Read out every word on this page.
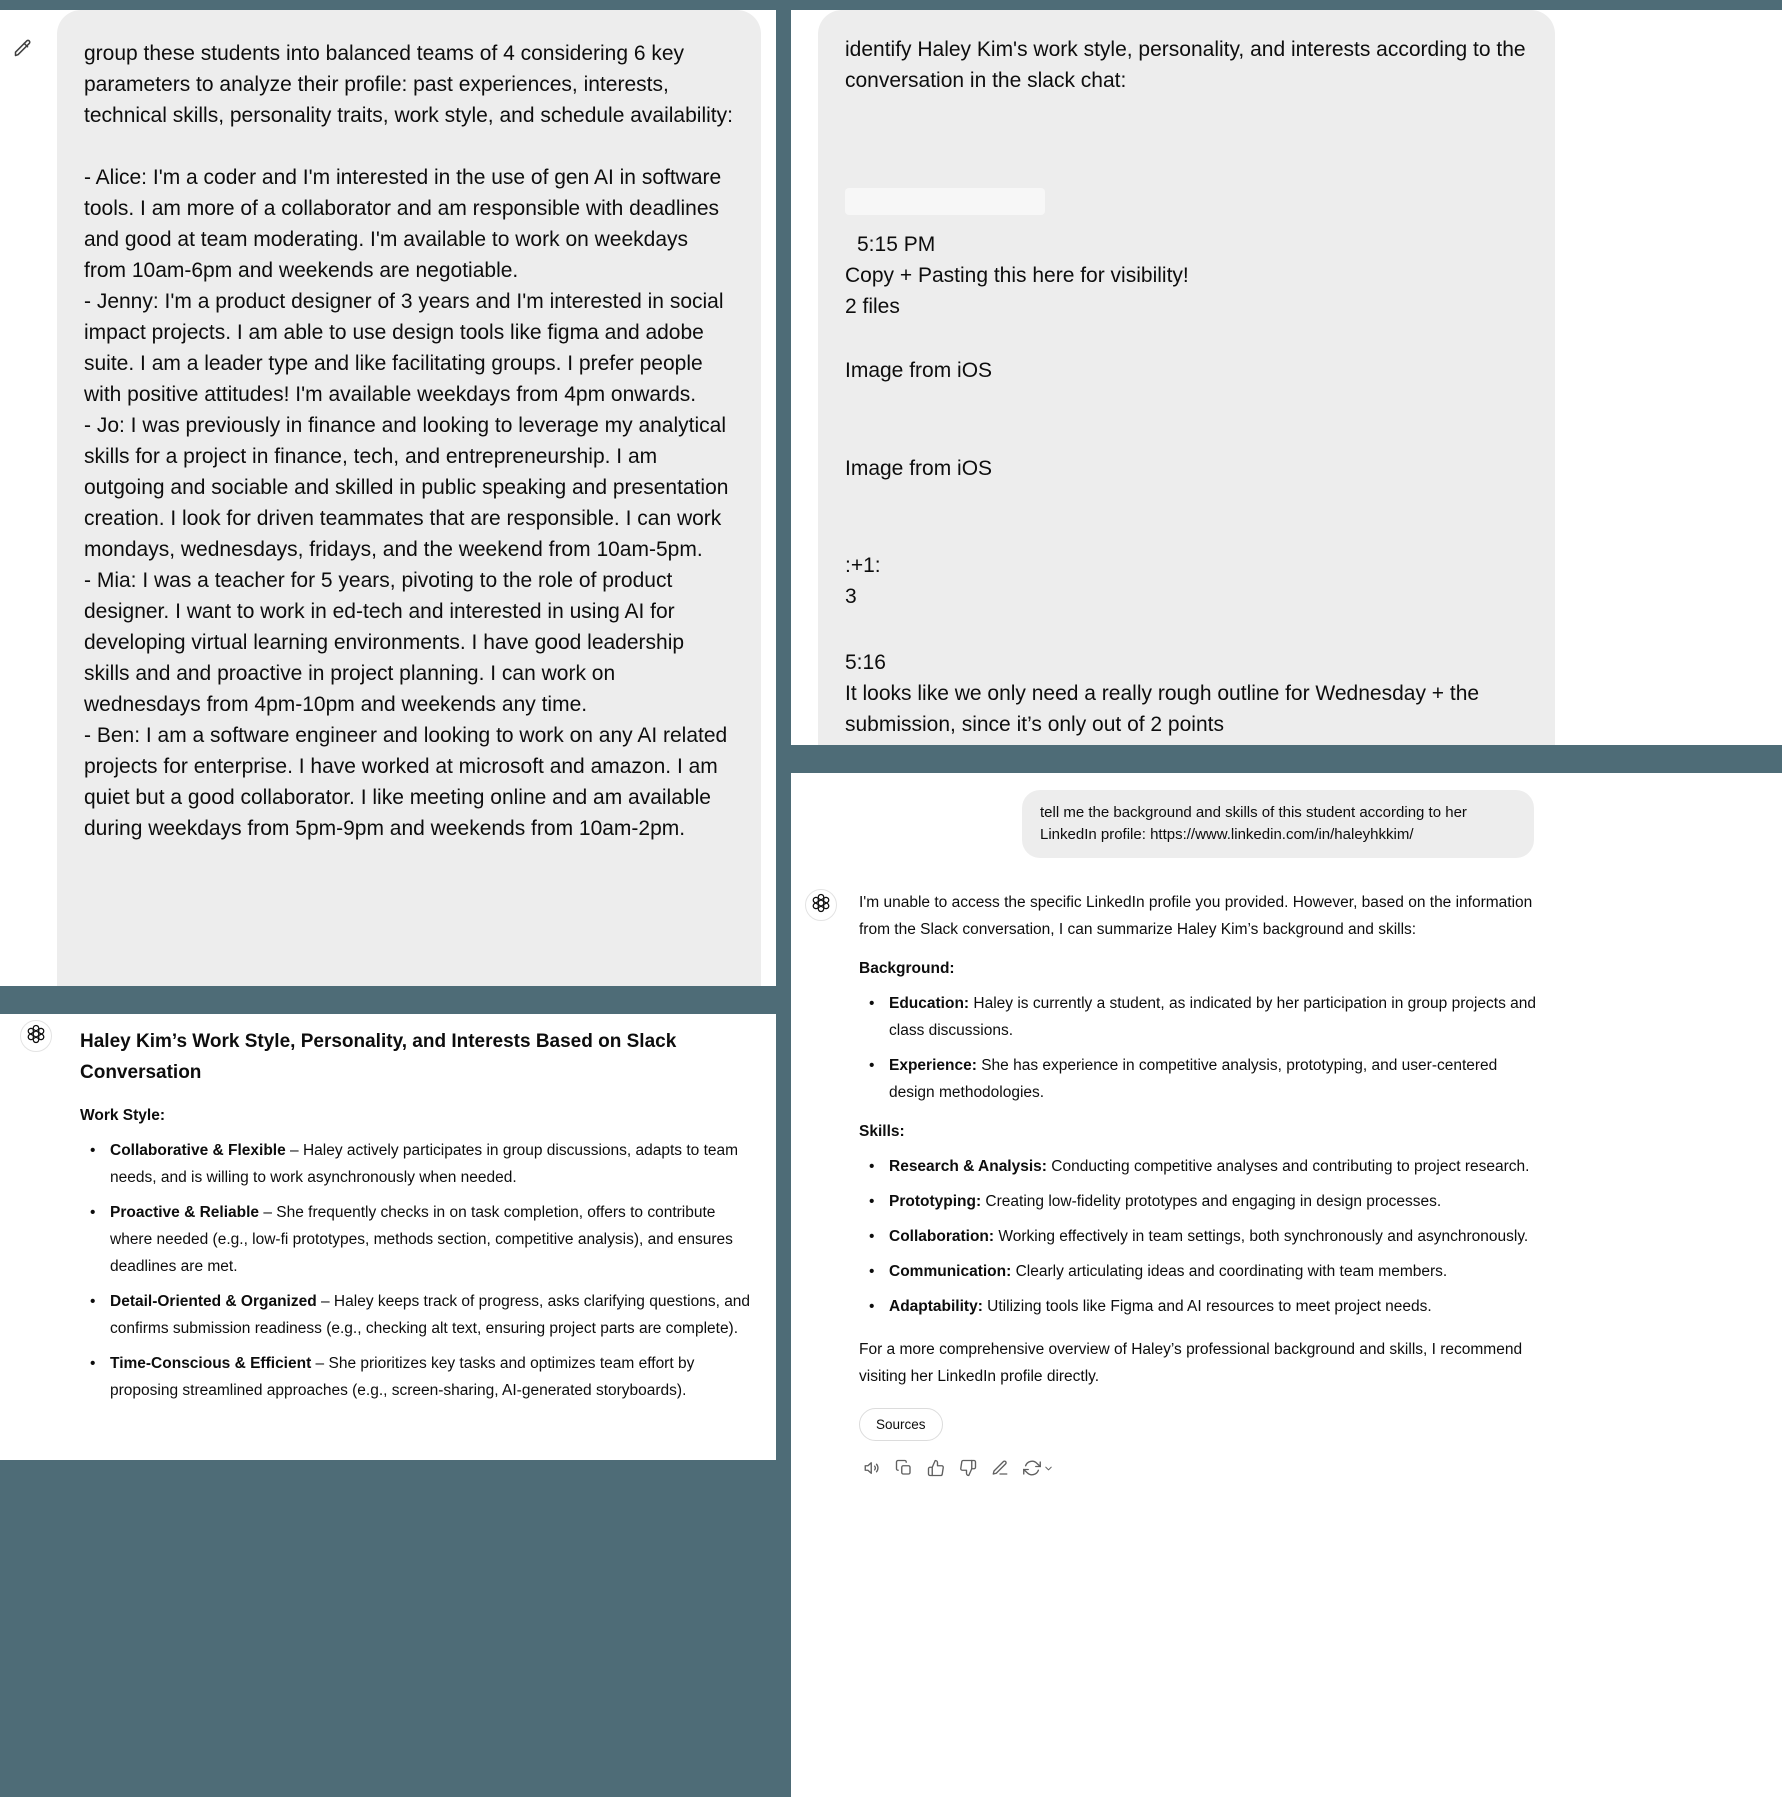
group these students into balanced teams of 4 considering 6 key parameters to analyze their profile: past experiences, interests, technical skills, personality traits, work style, and schedule availability:

- Alice: I'm a coder and I'm interested in the use of gen AI in software tools. I am more of a collaborator and am responsible with deadlines and good at team moderating. I'm available to work on weekdays from 10am-6pm and weekends are negotiable.
- Jenny: I'm a product designer of 3 years and I'm interested in social impact projects. I am able to use design tools like figma and adobe suite. I am a leader type and like facilitating groups. I prefer people with positive attitudes! I'm available weekdays from 4pm onwards.
- Jo: I was previously in finance and looking to leverage my analytical skills for a project in finance, tech, and entrepreneurship. I am outgoing and sociable and skilled in public speaking and presentation creation. I look for driven teammates that are responsible. I can work mondays, wednesdays, fridays, and the weekend from 10am-5pm.
- Mia: I was a teacher for 5 years, pivoting to the role of product designer. I want to work in ed-tech and interested in using AI for developing virtual learning environments. I have good leadership skills and and proactive in project planning. I can work on wednesdays from 4pm-10pm and weekends any time.
- Ben: I am a software engineer and looking to work on any AI related projects for enterprise. I have worked at microsoft and amazon. I am quiet but a good collaborator. I like meeting online and am available during weekdays from 5pm-9pm and weekends from 10am-2pm.

identify Haley Kim's work style, personality, and interests according to the conversation in the slack chat:

5:15 PM

Copy + Pasting this here for visibility!

2 files

Image from iOS

Image from iOS

:+1:

3

5:16

It looks like we only need a really rough outline for Wednesday + the submission, since it’s only out of 2 points

Haley Kim’s Work Style, Personality, and Interests Based on Slack Conversation
Work Style:
• Collaborative & Flexible – Haley actively participates in group discussions, adapts to team needs, and is willing to work asynchronously when needed.
• Proactive & Reliable – She frequently checks in on task completion, offers to contribute where needed (e.g., low-fi prototypes, methods section, competitive analysis), and ensures deadlines are met.
• Detail-Oriented & Organized – Haley keeps track of progress, asks clarifying questions, and confirms submission readiness (e.g., checking alt text, ensuring project parts are complete).
• Time-Conscious & Efficient – She prioritizes key tasks and optimizes team effort by proposing streamlined approaches (e.g., screen-sharing, AI-generated storyboards).

tell me the background and skills of this student according to her LinkedIn profile: https://www.linkedin.com/in/haleyhkkim/

I'm unable to access the specific LinkedIn profile you provided. However, based on the information from the Slack conversation, I can summarize Haley Kim’s background and skills:

Background:
• Education: Haley is currently a student, as indicated by her participation in group projects and class discussions.
• Experience: She has experience in competitive analysis, prototyping, and user-centered design methodologies.
Skills:
• Research & Analysis: Conducting competitive analyses and contributing to project research.
• Prototyping: Creating low-fidelity prototypes and engaging in design processes.
• Collaboration: Working effectively in team settings, both synchronously and asynchronously.
• Communication: Clearly articulating ideas and coordinating with team members.
• Adaptability: Utilizing tools like Figma and AI resources to meet project needs.

For a more comprehensive overview of Haley’s professional background and skills, I recommend visiting her LinkedIn profile directly.

Sources
